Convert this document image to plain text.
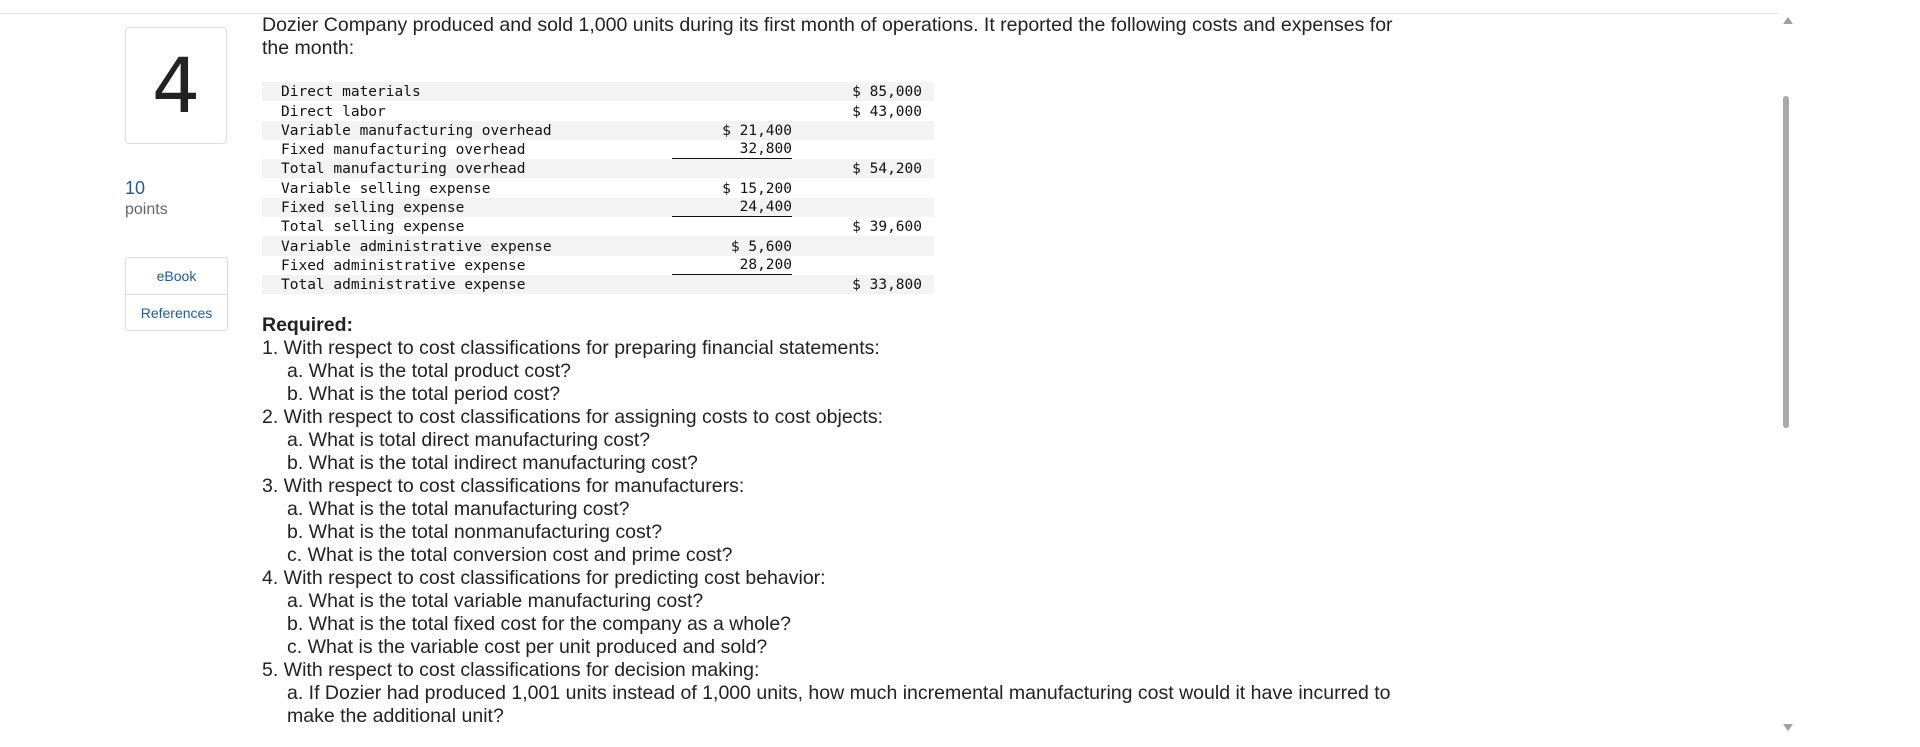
4
10
points
eBook
References

Dozier Company produced and sold 1,000 units during its first month of operations. It reported the following costs and expenses for the month:

Direct materials		$ 85,000
Direct labor		$ 43,000
Variable manufacturing overhead	$ 21,400	
Fixed manufacturing overhead	32,800	
Total manufacturing overhead		$ 54,200
Variable selling expense	$ 15,200	
Fixed selling expense	24,400	
Total selling expense		$ 39,600
Variable administrative expense	$ 5,600	
Fixed administrative expense	28,200	
Total administrative expense		$ 33,800
Required:
1. With respect to cost classifications for preparing financial statements:
a. What is the total product cost?
b. What is the total period cost?
2. With respect to cost classifications for assigning costs to cost objects:
a. What is total direct manufacturing cost?
b. What is the total indirect manufacturing cost?
3. With respect to cost classifications for manufacturers:
a. What is the total manufacturing cost?
b. What is the total nonmanufacturing cost?
c. What is the total conversion cost and prime cost?
4. With respect to cost classifications for predicting cost behavior:
a. What is the total variable manufacturing cost?
b. What is the total fixed cost for the company as a whole?
c. What is the variable cost per unit produced and sold?
5. With respect to cost classifications for decision making:
a. If Dozier had produced 1,001 units instead of 1,000 units, how much incremental manufacturing cost would it have incurred to make the additional unit?
